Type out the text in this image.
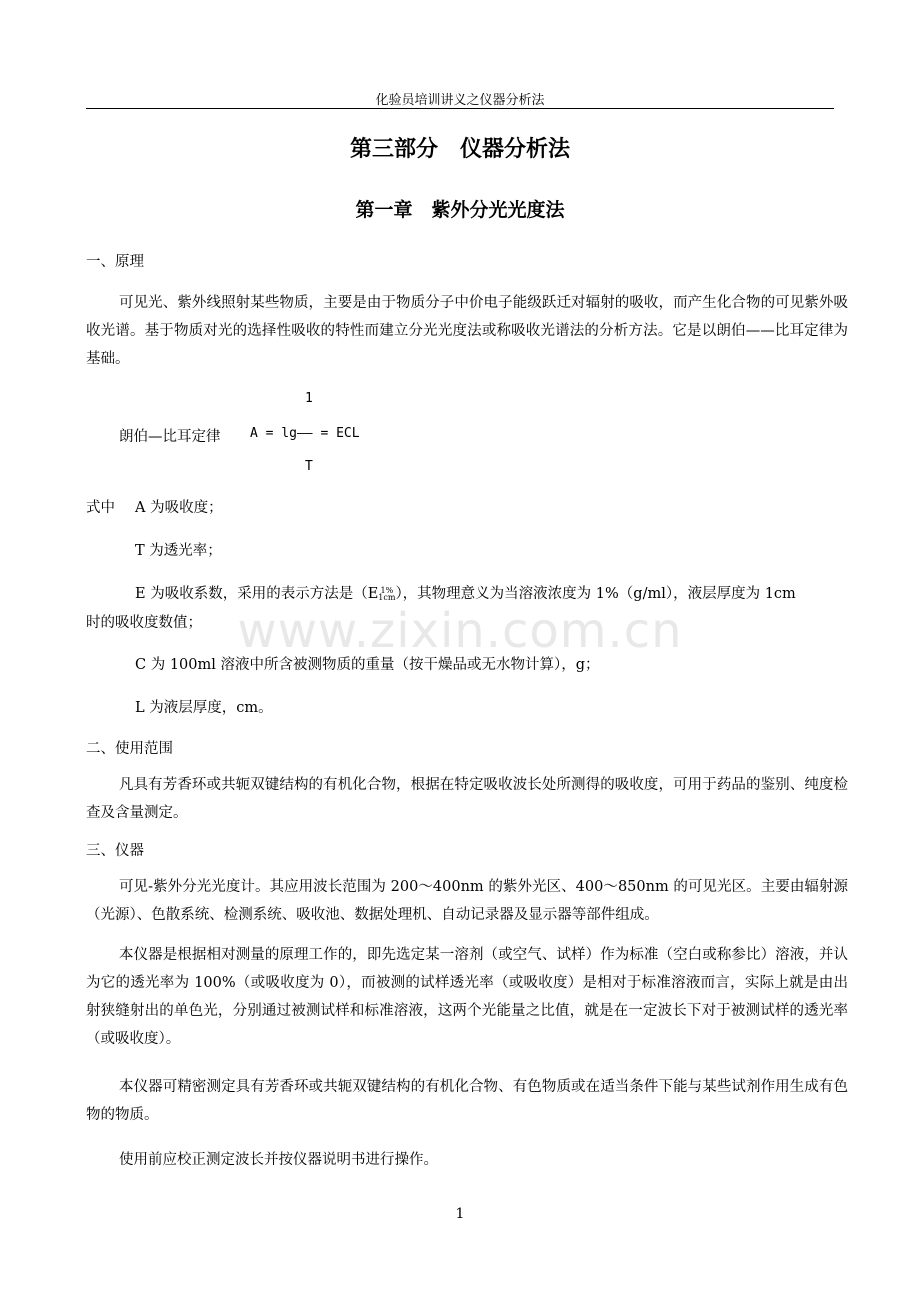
化验员培训讲义之仪器分析法
第三部分　仪器分析法
第一章　紫外分光光度法
一、原理
可见光、紫外线照射某些物质，主要是由于物质分子中价电子能级跃迁对辐射的吸收，而产生化合物的可见紫外吸收光谱。基于物质对光的选择性吸收的特性而建立分光光度法或称吸收光谱法的分析方法。它是以朗伯——比耳定律为基础。
1
朗伯—比耳定律 A = lg—— = ECL
T
式中 A 为吸收度；
T 为透光率；
E 为吸收系数，采用的表示方法是（E 1%
1cm ），其物理意义为当溶液浓度为 1%（g/ml），液层厚度为 1cm
时的吸收度数值；
C 为 100ml 溶液中所含被测物质的重量（按干燥品或无水物计算），g；
L 为液层厚度，cm。
二、使用范围
凡具有芳香环或共轭双键结构的有机化合物，根据在特定吸收波长处所测得的吸收度，可用于药品的鉴别、纯度检查及含量测定。
三、仪器
可见-紫外分光光度计。其应用波长范围为 200～400nm 的紫外光区、400～850nm 的可见光区。主要由辐射源（光源）、色散系统、检测系统、吸收池、数据处理机、自动记录器及显示器等部件组成。
本仪器是根据相对测量的原理工作的，即先选定某一溶剂（或空气、试样）作为标准（空白或称参比）溶液，并认为它的透光率为 100%（或吸收度为 0），而被测的试样透光率（或吸收度）是相对于标准溶液而言，实际上就是由出射狭缝射出的单色光，分别通过被测试样和标准溶液，这两个光能量之比值，就是在一定波长下对于被测试样的透光率（或吸收度）。
本仪器可精密测定具有芳香环或共轭双键结构的有机化合物、有色物质或在适当条件下能与某些试剂作用生成有色物的物质。
使用前应校正测定波长并按仪器说明书进行操作。
www.zixin.com.cn
1
